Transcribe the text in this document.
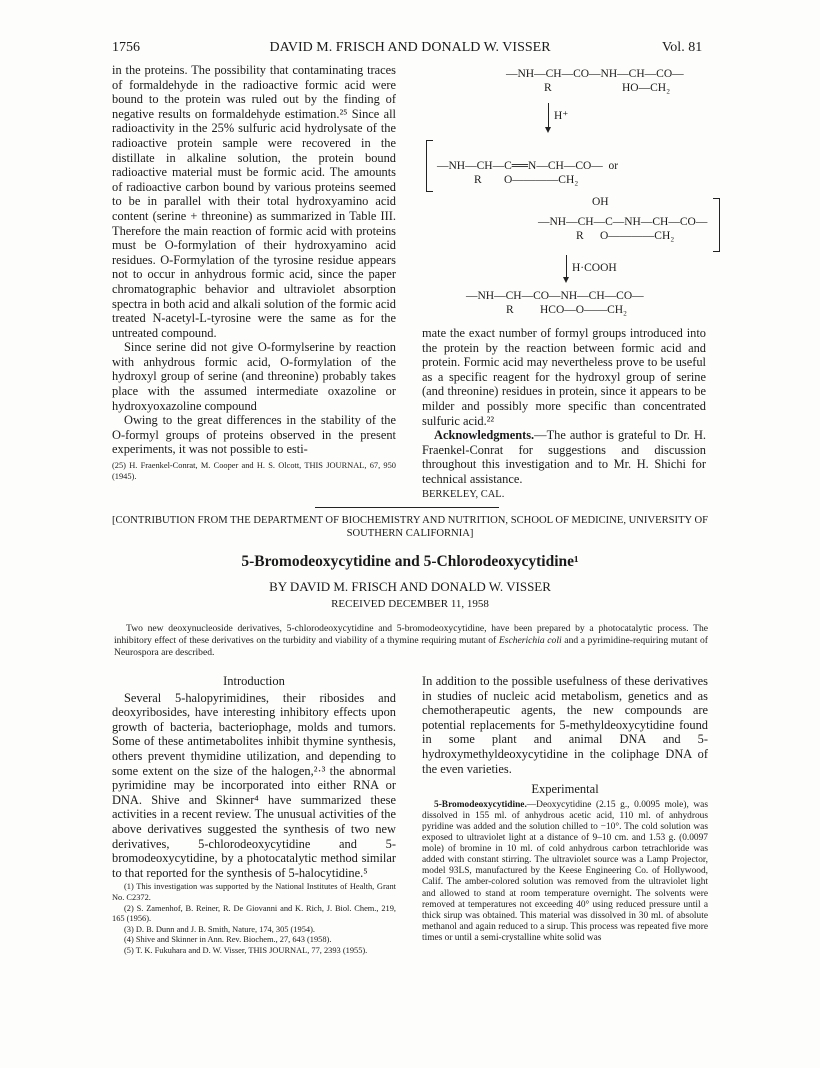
1756	DAVID M. FRISCH AND DONALD W. VISSER	Vol. 81

in the proteins. The possibility that contaminating traces of formaldehyde in the radioactive formic acid were bound to the protein was ruled out by the finding of negative results on formaldehyde estimation.²⁵ Since all radioactivity in the 25% sulfuric acid hydrolysate of the radioactive protein sample were recovered in the distillate in alkaline solution, the protein bound radioactive material must be formic acid. The amounts of radioactive carbon bound by various proteins seemed to be in parallel with their total hydroxyamino acid content (serine + threonine) as summarized in Table III. Therefore the main reaction of formic acid with proteins must be O-formylation of their hydroxyamino acid residues. O-Formylation of the tyrosine residue appears not to occur in anhydrous formic acid, since the paper chromatographic behavior and ultraviolet absorption spectra in both acid and alkali solution of the formic acid treated N-acetyl-L-tyrosine were the same as for the untreated compound.

Since serine did not give O-formylserine by reaction with anhydrous formic acid, O-formylation of the hydroxyl group of serine (and threonine) probably takes place with the assumed intermediate oxazoline or hydroxyoxazoline compound

Owing to the great differences in the stability of the O-formyl groups of proteins observed in the present experiments, it was not possible to esti-

(25) H. Fraenkel-Conrat, M. Cooper and H. S. Olcott, THIS JOURNAL, 67, 950 (1945).

—NH—CH—CO—NH—CH—CO—
R	HO—CH₂
H⁺
—NH—CH—C══N—CH—CO—  or
R O————CH₂
OH
—NH—CH—C—NH—CH—CO—
R O————CH₂
H·COOH
—NH—CH—CO—NH—CH—CO—
R HCO—O——CH₂

mate the exact number of formyl groups introduced into the protein by the reaction between formic acid and protein. Formic acid may nevertheless prove to be useful as a specific reagent for the hydroxyl group of serine (and threonine) residues in protein, since it appears to be milder and possibly more specific than concentrated sulfuric acid.²²

Acknowledgments.—The author is grateful to Dr. H. Fraenkel-Conrat for suggestions and discussion throughout this investigation and to Mr. H. Shichi for technical assistance.

BERKELEY, CAL.

[CONTRIBUTION FROM THE DEPARTMENT OF BIOCHEMISTRY AND NUTRITION, SCHOOL OF MEDICINE, UNIVERSITY OF SOUTHERN CALIFORNIA]
5-Bromodeoxycytidine and 5-Chlorodeoxycytidine¹
BY DAVID M. FRISCH AND DONALD W. VISSER
RECEIVED DECEMBER 11, 1958
Two new deoxynucleoside derivatives, 5-chlorodeoxycytidine and 5-bromodeoxycytidine, have been prepared by a photocatalytic process. The inhibitory effect of these derivatives on the turbidity and viability of a thymine requiring mutant of Escherichia coli and a pyrimidine-requiring mutant of Neurospora are described.
Introduction

Several 5-halopyrimidines, their ribosides and deoxyribosides, have interesting inhibitory effects upon growth of bacteria, bacteriophage, molds and tumors. Some of these antimetabolites inhibit thymine synthesis, others prevent thymidine utilization, and depending to some extent on the size of the halogen,²·³ the abnormal pyrimidine may be incorporated into either RNA or DNA. Shive and Skinner⁴ have summarized these activities in a recent review. The unusual activities of the above derivatives suggested the synthesis of two new derivatives, 5-chlorodeoxycytidine and 5-bromodeoxycytidine, by a photocatalytic method similar to that reported for the synthesis of 5-halocytidine.⁵

(1) This investigation was supported by the National Institutes of Health, Grant No. C2372.

(2) S. Zamenhof, B. Reiner, R. De Giovanni and K. Rich, J. Biol. Chem., 219, 165 (1956).

(3) D. B. Dunn and J. B. Smith, Nature, 174, 305 (1954).

(4) Shive and Skinner in Ann. Rev. Biochem., 27, 643 (1958).

(5) T. K. Fukuhara and D. W. Visser, THIS JOURNAL, 77, 2393 (1955).

In addition to the possible usefulness of these derivatives in studies of nucleic acid metabolism, genetics and as chemotherapeutic agents, the new compounds are potential replacements for 5-methyldeoxycytidine found in some plant and animal DNA and 5-hydroxymethyldeoxycytidine in the coliphage DNA of the even varieties.

Experimental

5-Bromodeoxycytidine.—Deoxycytidine (2.15 g., 0.0095 mole), was dissolved in 155 ml. of anhydrous acetic acid, 110 ml. of anhydrous pyridine was added and the solution chilled to −10°. The cold solution was exposed to ultraviolet light at a distance of 9–10 cm. and 1.53 g. (0.0097 mole) of bromine in 10 ml. of cold anhydrous carbon tetrachloride was added with constant stirring. The ultraviolet source was a Lamp Projector, model 93LS, manufactured by the Keese Engineering Co. of Hollywood, Calif. The amber-colored solution was removed from the ultraviolet light and allowed to stand at room temperature overnight. The solvents were removed at temperatures not exceeding 40° using reduced pressure until a thick sirup was obtained. This material was dissolved in 30 ml. of absolute methanol and again reduced to a sirup. This process was repeated five more times or until a semi-crystalline white solid was
